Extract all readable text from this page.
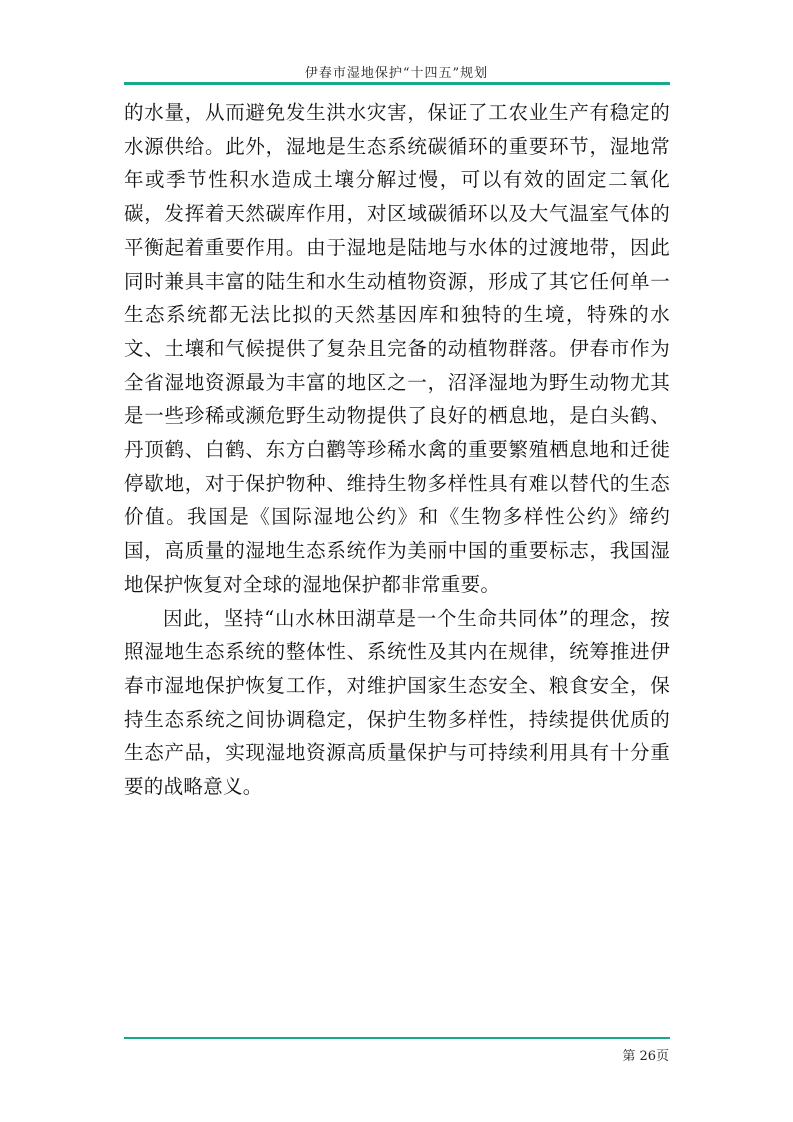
伊春市湿地保护“十四五”规划

的水量，从而避免发生洪水灾害，保证了工农业生产有稳定的水源供给。此外，湿地是生态系统碳循环的重要环节，湿地常年或季节性积水造成土壤分解过慢，可以有效的固定二氧化碳，发挥着天然碳库作用，对区域碳循环以及大气温室气体的平衡起着重要作用。由于湿地是陆地与水体的过渡地带，因此同时兼具丰富的陆生和水生动植物资源，形成了其它任何单一生态系统都无法比拟的天然基因库和独特的生境，特殊的水文、土壤和气候提供了复杂且完备的动植物群落。伊春市作为全省湿地资源最为丰富的地区之一，沼泽湿地为野生动物尤其是一些珍稀或濒危野生动物提供了良好的栖息地，是白头鹤、丹顶鹤、白鹤、东方白鹳等珍稀水禽的重要繁殖栖息地和迁徙停歇地，对于保护物种、维持生物多样性具有难以替代的生态价值。我国是《国际湿地公约》和《生物多样性公约》缔约国，高质量的湿地生态系统作为美丽中国的重要标志，我国湿地保护恢复对全球的湿地保护都非常重要。

因此，坚持“山水林田湖草是一个生命共同体”的理念，按照湿地生态系统的整体性、系统性及其内在规律，统筹推进伊春市湿地保护恢复工作，对维护国家生态安全、粮食安全，保持生态系统之间协调稳定，保护生物多样性，持续提供优质的生态产品，实现湿地资源高质量保护与可持续利用具有十分重要的战略意义。

第 26页
